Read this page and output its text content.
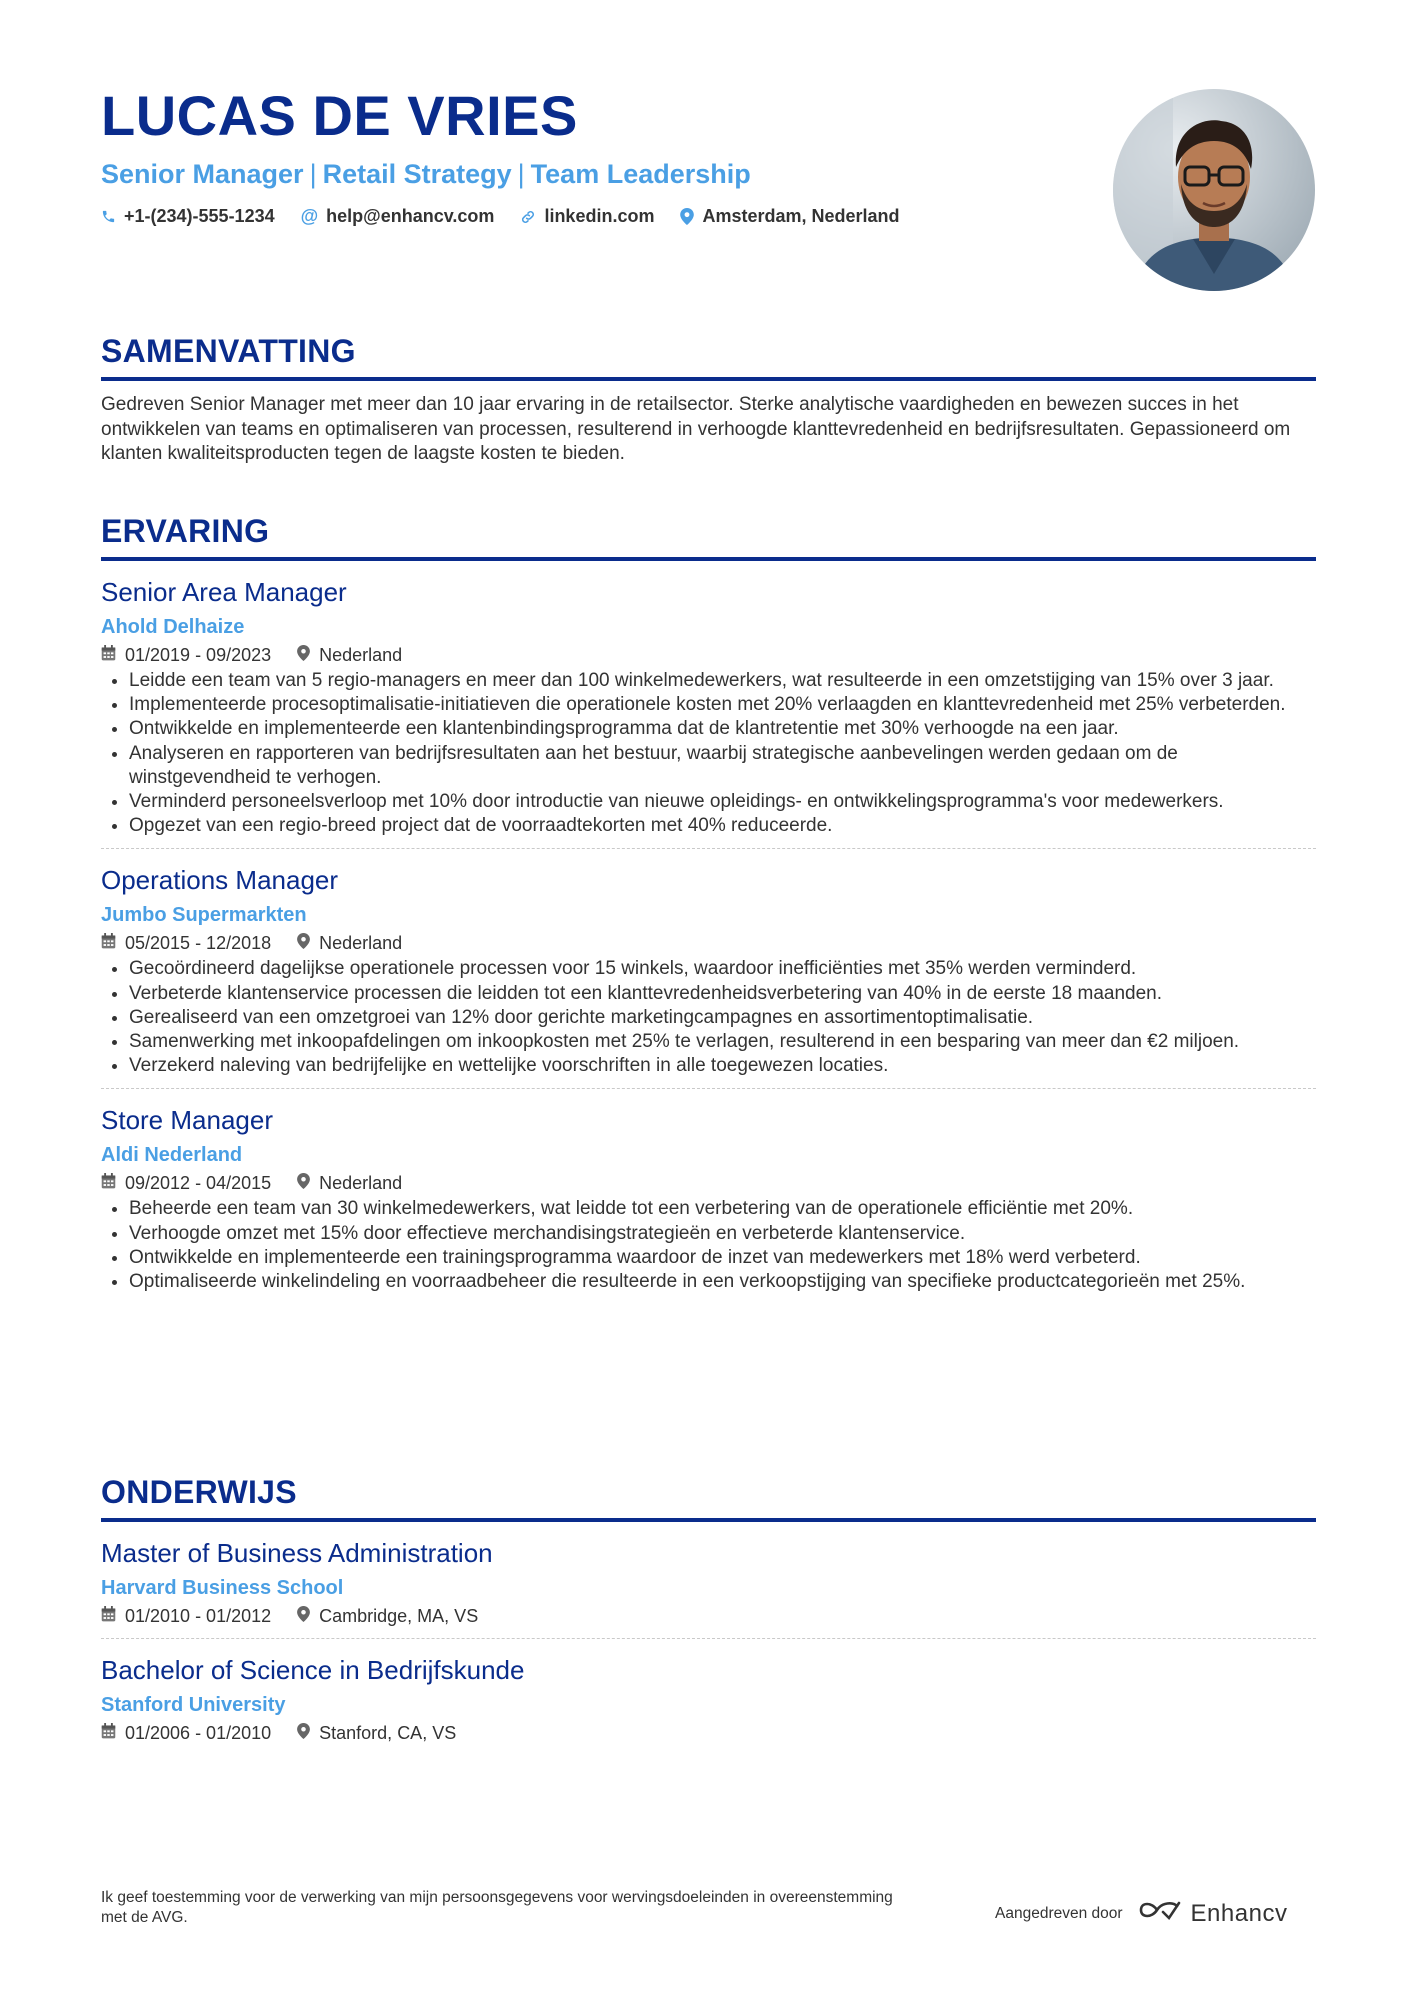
LUCAS DE VRIES
Senior Manager | Retail Strategy | Team Leadership
+1-(234)-555-1234 @ help@enhancv.com	linkedin.com	Amsterdam, Nederland
SAMENVATTING
Gedreven Senior Manager met meer dan 10 jaar ervaring in de retailsector. Sterke analytische vaardigheden en bewezen succes in het ontwikkelen van teams en optimaliseren van processen, resulterend in verhoogde klanttevredenheid en bedrijfsresultaten. Gepassioneerd om klanten kwaliteitsproducten tegen de laagste kosten te bieden.
ERVARING
Senior Area Manager
Ahold Delhaize
01/2019 - 09/2023	Nederland
• Leidde een team van 5 regio-managers en meer dan 100 winkelmedewerkers, wat resulteerde in een omzetstijging van 15% over 3 jaar.
• Implementeerde procesoptimalisatie-initiatieven die operationele kosten met 20% verlaagden en klanttevredenheid met 25% verbeterden.
• Ontwikkelde en implementeerde een klantenbindingsprogramma dat de klantretentie met 30% verhoogde na een jaar.
• Analyseren en rapporteren van bedrijfsresultaten aan het bestuur, waarbij strategische aanbevelingen werden gedaan om de winstgevendheid te verhogen.
• Verminderd personeelsverloop met 10% door introductie van nieuwe opleidings- en ontwikkelingsprogramma's voor medewerkers.
• Opgezet van een regio-breed project dat de voorraadtekorten met 40% reduceerde.
Operations Manager
Jumbo Supermarkten
05/2015 - 12/2018	Nederland
• Gecoördineerd dagelijkse operationele processen voor 15 winkels, waardoor inefficiënties met 35% werden verminderd.
• Verbeterde klantenservice processen die leidden tot een klanttevredenheidsverbetering van 40% in de eerste 18 maanden.
• Gerealiseerd van een omzetgroei van 12% door gerichte marketingcampagnes en assortimentoptimalisatie.
• Samenwerking met inkoopafdelingen om inkoopkosten met 25% te verlagen, resulterend in een besparing van meer dan €2 miljoen.
• Verzekerd naleving van bedrijfelijke en wettelijke voorschriften in alle toegewezen locaties.
Store Manager
Aldi Nederland
09/2012 - 04/2015	Nederland
• Beheerde een team van 30 winkelmedewerkers, wat leidde tot een verbetering van de operationele efficiëntie met 20%.
• Verhoogde omzet met 15% door effectieve merchandisingstrategieën en verbeterde klantenservice.
• Ontwikkelde en implementeerde een trainingsprogramma waardoor de inzet van medewerkers met 18% werd verbeterd.
• Optimaliseerde winkelindeling en voorraadbeheer die resulteerde in een verkoopstijging van specifieke productcategorieën met 25%.
ONDERWIJS
Master of Business Administration
Harvard Business School
01/2010 - 01/2012	Cambridge, MA, VS
Bachelor of Science in Bedrijfskunde
Stanford University
01/2006 - 01/2010	Stanford, CA, VS
Ik geef toestemming voor de verwerking van mijn persoonsgegevens voor wervingsdoeleinden in overeenstemming met de AVG.	Aangedreven door	Enhancv
